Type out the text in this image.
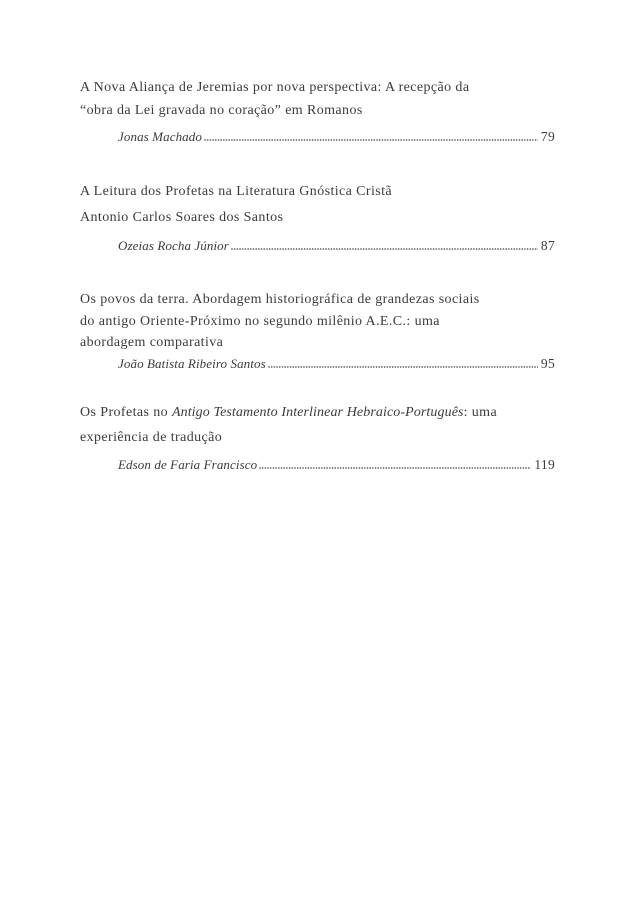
A Nova Aliança de Jeremias por nova perspectiva: A recepção da
“obra da Lei gravada no coração” em Romanos
Jonas Machado	79
A Leitura dos Profetas na Literatura Gnóstica Cristã
Antonio Carlos Soares dos Santos
Ozeias Rocha Júnior	87
Os povos da terra. Abordagem historiográfica de grandezas sociais
do antigo Oriente-Próximo no segundo milênio A.E.C.: uma
abordagem comparativa
João Batista Ribeiro Santos	95
Os Profetas no Antigo Testamento Interlinear Hebraico-Português: uma
experiência de tradução
Edson de Faria Francisco	119
